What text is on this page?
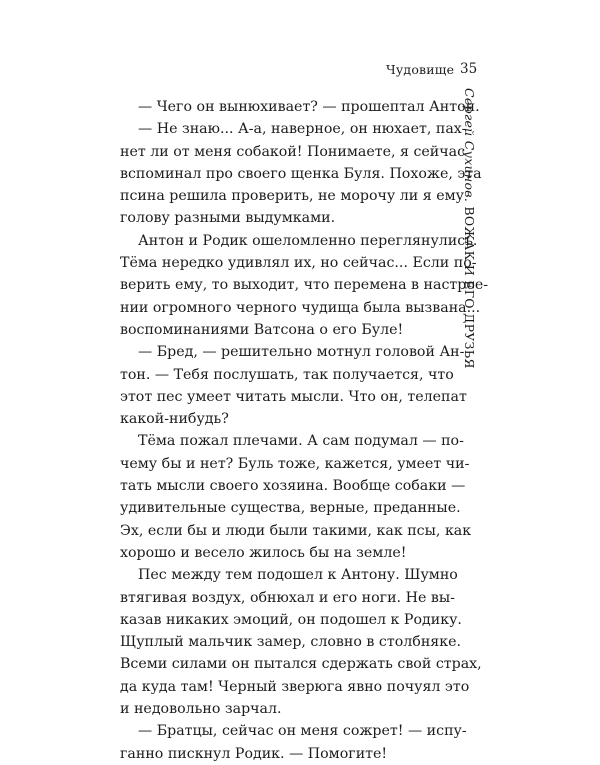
Чудовище 35
Сергей Сухинов. ВОЖАК И ЕГО ДРУЗЬЯ
— Чего он вынюхивает? — прошептал Антон.
— Не знаю... А-а, наверное, он нюхает, пах-
нет ли от меня собакой! Понимаете, я сейчас
вспоминал про своего щенка Буля. Похоже, эта
псина решила проверить, не морочу ли я ему
голову разными выдумками.
Антон и Родик ошеломленно переглянулись.
Тёма нередко удивлял их, но сейчас... Если по-
верить ему, то выходит, что перемена в настрое-
нии огромного черного чудища была вызвана...
воспоминаниями Ватсона о его Буле!
— Бред, — решительно мотнул головой Ан-
тон. — Тебя послушать, так получается, что
этот пес умеет читать мысли. Что он, телепат
какой-нибудь?
Тёма пожал плечами. А сам подумал — по-
чему бы и нет? Буль тоже, кажется, умеет чи-
тать мысли своего хозяина. Вообще собаки —
удивительные существа, верные, преданные.
Эх, если бы и люди были такими, как псы, как
хорошо и весело жилось бы на земле!
Пес между тем подошел к Антону. Шумно
втягивая воздух, обнюхал и его ноги. Не вы-
казав никаких эмоций, он подошел к Родику.
Щуплый мальчик замер, словно в столбняке.
Всеми силами он пытался сдержать свой страх,
да куда там! Черный зверюга явно почуял это
и недовольно зарчал.
— Братцы, сейчас он меня сожрет! — испу-
ганно пискнул Родик. — Помогите!
